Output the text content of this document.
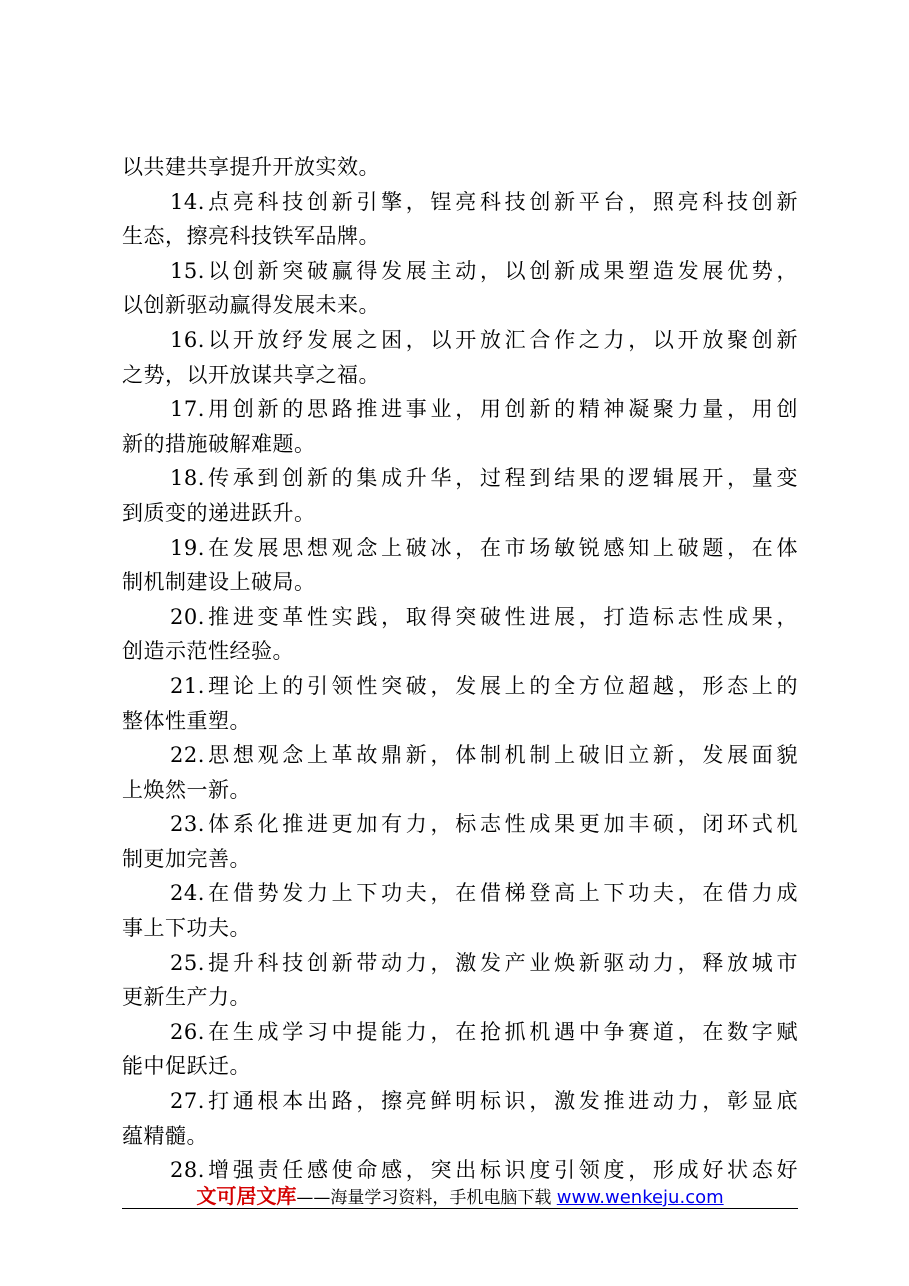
以共建共享提升开放实效。
14.点亮科技创新引擎，锃亮科技创新平台，照亮科技创新
生态，擦亮科技铁军品牌。
15.以创新突破赢得发展主动，以创新成果塑造发展优势，
以创新驱动赢得发展未来。
16.以开放纾发展之困，以开放汇合作之力，以开放聚创新
之势，以开放谋共享之福。
17.用创新的思路推进事业，用创新的精神凝聚力量，用创
新的措施破解难题。
18.传承到创新的集成升华，过程到结果的逻辑展开，量变
到质变的递进跃升。
19.在发展思想观念上破冰，在市场敏锐感知上破题，在体
制机制建设上破局。
20.推进变革性实践，取得突破性进展，打造标志性成果，
创造示范性经验。
21.理论上的引领性突破，发展上的全方位超越，形态上的
整体性重塑。
22.思想观念上革故鼎新，体制机制上破旧立新，发展面貌
上焕然一新。
23.体系化推进更加有力，标志性成果更加丰硕，闭环式机
制更加完善。
24.在借势发力上下功夫，在借梯登高上下功夫，在借力成
事上下功夫。
25.提升科技创新带动力，激发产业焕新驱动力，释放城市
更新生产力。
26.在生成学习中提能力，在抢抓机遇中争赛道，在数字赋
能中促跃迁。
27.打通根本出路，擦亮鲜明标识，激发推进动力，彰显底
蕴精髓。
28.增强责任感使命感，突出标识度引领度，形成好状态好
文可居文库——海量学习资料，手机电脑下载 www.wenkeju.com
